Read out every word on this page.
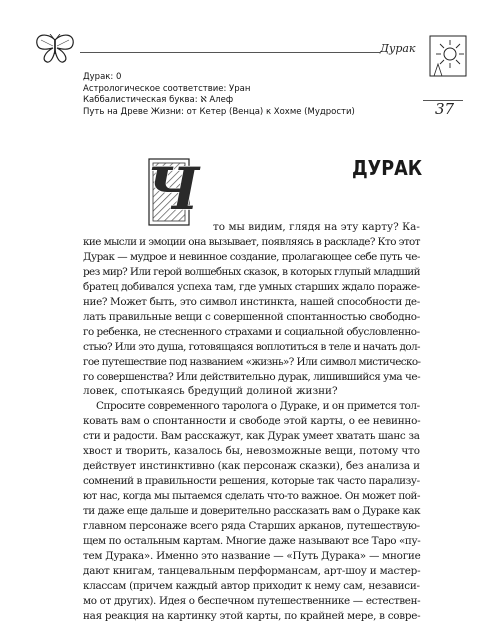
Дурак
37
Дурак: 0
Астрологическое соответствие: Уран
Каббалистическая буква: ℵ Алеф
Путь на Древе Жизни: от Кетер (Венца) к Хохме (Мудрости)
ДУРАК
Ч
то мы видим, глядя на эту карту? Ка-
кие мысли и эмоции она вызывает, появляясь в раскладе? Кто этот
Дурак — мудрое и невинное создание, пролагающее себе путь че-
рез мир? Или герой волшебных сказок, в которых глупый младший
братец добивался успеха там, где умных старших ждало пораже-
ние? Может быть, это символ инстинкта, нашей способности де-
лать правильные вещи с совершенной спонтанностью свободно-
го ребенка, не стесненного страхами и социальной обусловленно-
стью? Или это душа, готовящаяся воплотиться в теле и начать дол-
гое путешествие под названием «жизнь»? Или символ мистическо-
го совершенства? Или действительно дурак, лишившийся ума че-
ловек, спотыкаясь бредущий долиной жизни?
Спросите современного таролога о Дураке, и он примется тол-
ковать вам о спонтанности и свободе этой карты, о ее невинно-
сти и радости. Вам расскажут, как Дурак умеет хватать шанс за
хвост и творить, казалось бы, невозможные вещи, потому что
действует инстинктивно (как персонаж сказки), без анализа и
сомнений в правильности решения, которые так часто парализу-
ют нас, когда мы пытаемся сделать что-то важное. Он может пой-
ти даже еще дальше и доверительно рассказать вам о Дураке как
главном персонаже всего ряда Старших арканов, путешествую-
щем по остальным картам. Многие даже называют все Таро «пу-
тем Дурака». Именно это название — «Путь Дурака» — многие
дают книгам, танцевальным перформансам, арт-шоу и мастер-
классам (причем каждый автор приходит к нему сам, независи-
мо от других). Идея о беспечном путешественнике — естествен-
ная реакция на картинку этой карты, по крайней мере, в совре-
